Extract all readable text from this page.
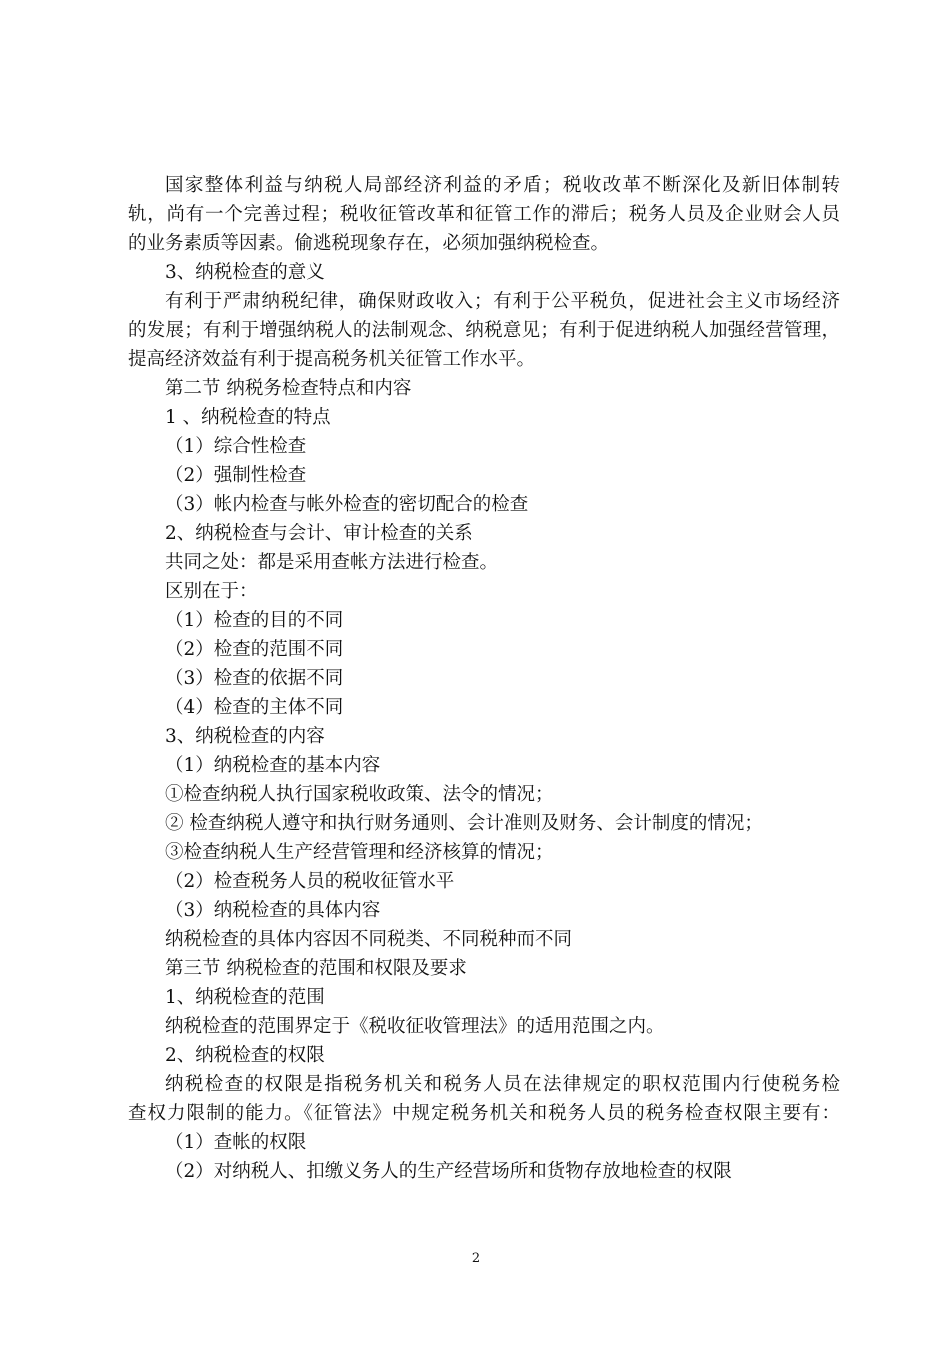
国家整体利益与纳税人局部经济利益的矛盾；税收改革不断深化及新旧体制转
轨，尚有一个完善过程；税收征管改革和征管工作的滞后；税务人员及企业财会人员
的业务素质等因素。偷逃税现象存在，必须加强纳税检查。
3、纳税检查的意义
有利于严肃纳税纪律，确保财政收入；有利于公平税负，促进社会主义市场经济
的发展；有利于增强纳税人的法制观念、纳税意见；有利于促进纳税人加强经营管理，
提高经济效益有利于提高税务机关征管工作水平。
第二节 纳税务检查特点和内容
1 、纳税检查的特点
（1）综合性检查
（2）强制性检查
（3）帐内检查与帐外检查的密切配合的检查
2、纳税检查与会计、审计检查的关系
共同之处：都是采用查帐方法进行检查。
区别在于：
（1）检查的目的不同
（2）检查的范围不同
（3）检查的依据不同
（4）检查的主体不同
3、纳税检查的内容
（1）纳税检查的基本内容
①检查纳税人执行国家税收政策、法令的情况；
② 检查纳税人遵守和执行财务通则、会计准则及财务、会计制度的情况；
③检查纳税人生产经营管理和经济核算的情况；
（2）检查税务人员的税收征管水平
（3）纳税检查的具体内容
纳税检查的具体内容因不同税类、不同税种而不同
第三节 纳税检查的范围和权限及要求
1、纳税检查的范围
纳税检查的范围界定于《税收征收管理法》的适用范围之内。
2、纳税检查的权限
纳税检查的权限是指税务机关和税务人员在法律规定的职权范围内行使税务检
查权力限制的能力。《征管法》中规定税务机关和税务人员的税务检查权限主要有：
（1）查帐的权限
（2）对纳税人、扣缴义务人的生产经营场所和货物存放地检查的权限
2
